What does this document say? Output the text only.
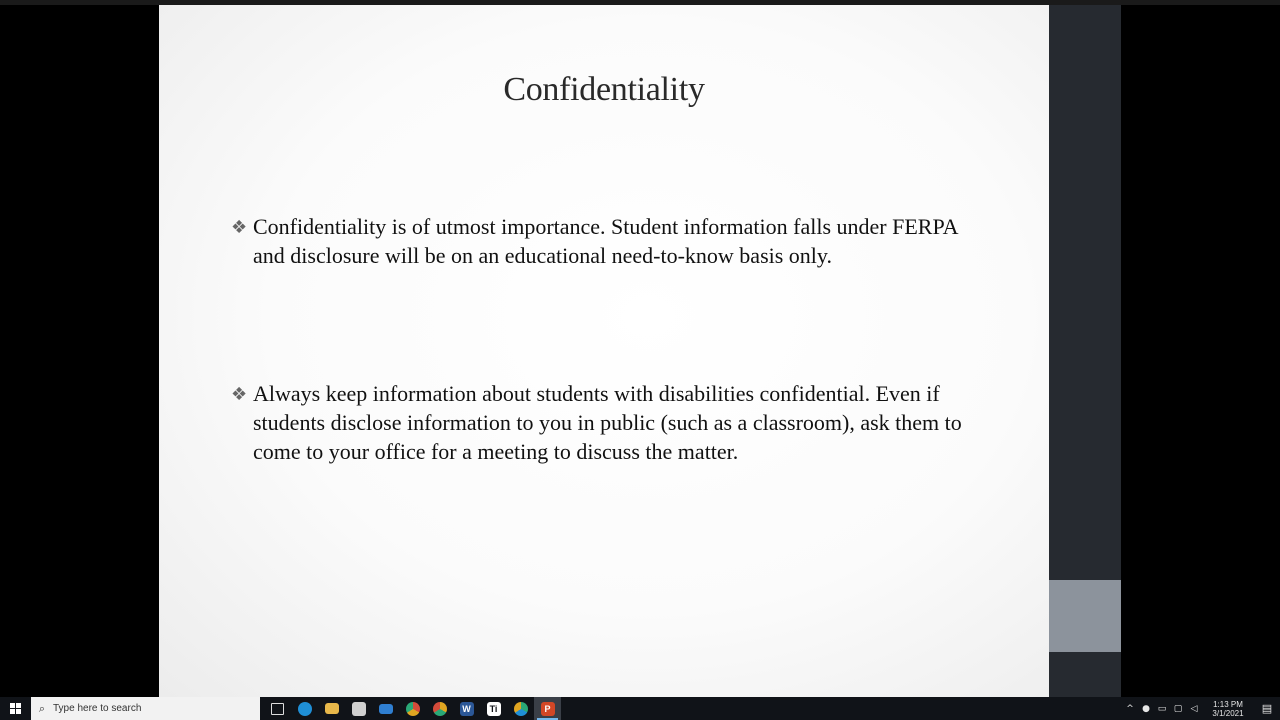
Confidentiality
❖ Confidentiality is of utmost importance. Student information falls under FERPA and disclosure will be on an educational need-to-know basis only.
❖ Always keep information about students with disabilities confidential. Even if students disclose information to you in public (such as a classroom), ask them to come to your office for a meeting to discuss the matter.
⌕ Type here to search	W	Ti	P	^ ● ▭ ▢ ◁	1:13 PM
3/1/2021	▤
